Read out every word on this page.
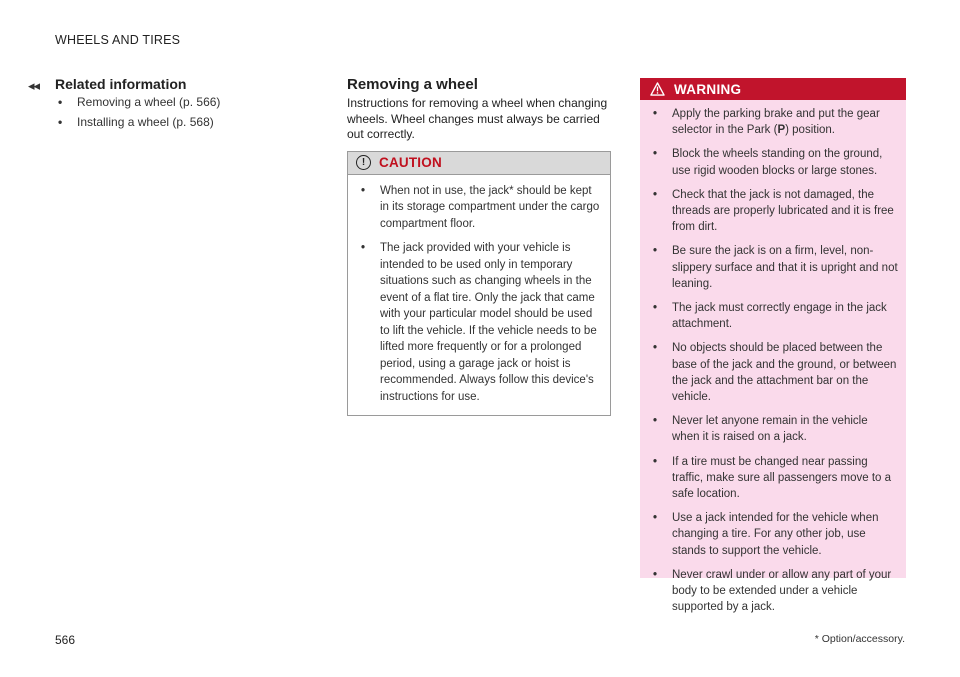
WHEELS AND TIRES
◂◂ Related information
• Removing a wheel (p. 566)
• Installing a wheel (p. 568)
Removing a wheel

Instructions for removing a wheel when changing wheels. Wheel changes must always be carried out correctly.

!	CAUTION
• When not in use, the jack* should be kept in its storage compartment under the cargo compartment floor.
• The jack provided with your vehicle is intended to be used only in temporary situations such as changing wheels in the event of a flat tire. Only the jack that came with your particular model should be used to lift the vehicle. If the vehicle needs to be lifted more frequently or for a prolonged period, using a garage jack or hoist is recommended. Always follow this device's instructions for use.
WARNING
• Apply the parking brake and put the gear selector in the Park (P) position.
• Block the wheels standing on the ground, use rigid wooden blocks or large stones.
• Check that the jack is not damaged, the threads are properly lubricated and it is free from dirt.
• Be sure the jack is on a firm, level, non-slippery surface and that it is upright and not leaning.
• The jack must correctly engage in the jack attachment.
• No objects should be placed between the base of the jack and the ground, or between the jack and the attachment bar on the vehicle.
• Never let anyone remain in the vehicle when it is raised on a jack.
• If a tire must be changed near passing traffic, make sure all passengers move to a safe location.
• Use a jack intended for the vehicle when changing a tire. For any other job, use stands to support the vehicle.
• Never crawl under or allow any part of your body to be extended under a vehicle supported by a jack.
566	* Option/accessory.
